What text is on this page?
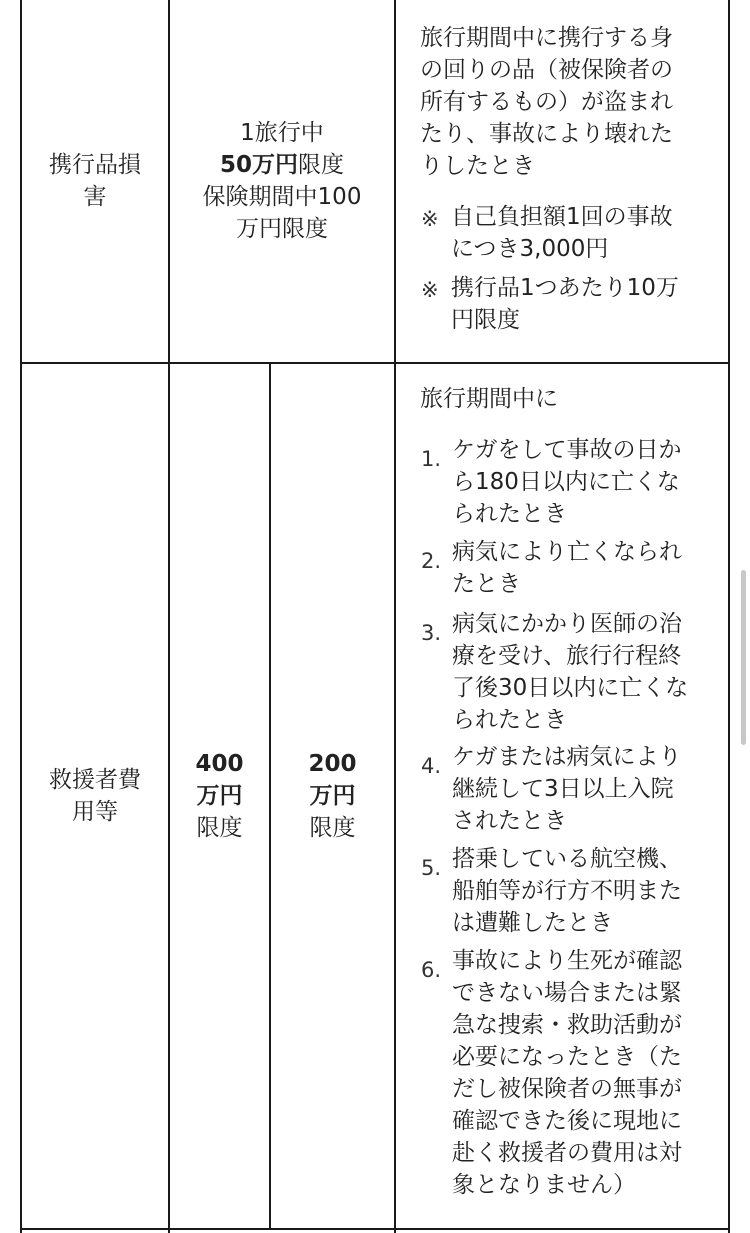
携行品損
害
1旅行中
50万円限度
保険期間中100
万円限度
旅行期間中に携行する身
の回りの品（被保険者の
所有するもの）が盗まれ
たり、事故により壊れた
りしたとき
※ 自己負担額1回の事故
につき3,000円
※ 携行品1つあたり10万
円限度
救援者費
用等
400
万円
限度
200
万円
限度
旅行期間中に
1. ケガをして事故の日か
ら180日以内に亡くな
られたとき
2. 病気により亡くなられ
たとき
3. 病気にかかり医師の治
療を受け、旅行行程終
了後30日以内に亡くな
られたとき
4. ケガまたは病気により
継続して3日以上入院
されたとき
5. 搭乗している航空機、
船舶等が行方不明また
は遭難したとき
6. 事故により生死が確認
できない場合または緊
急な捜索・救助活動が
必要になったとき（た
だし被保険者の無事が
確認できた後に現地に
赴く救援者の費用は対
象となりません）
